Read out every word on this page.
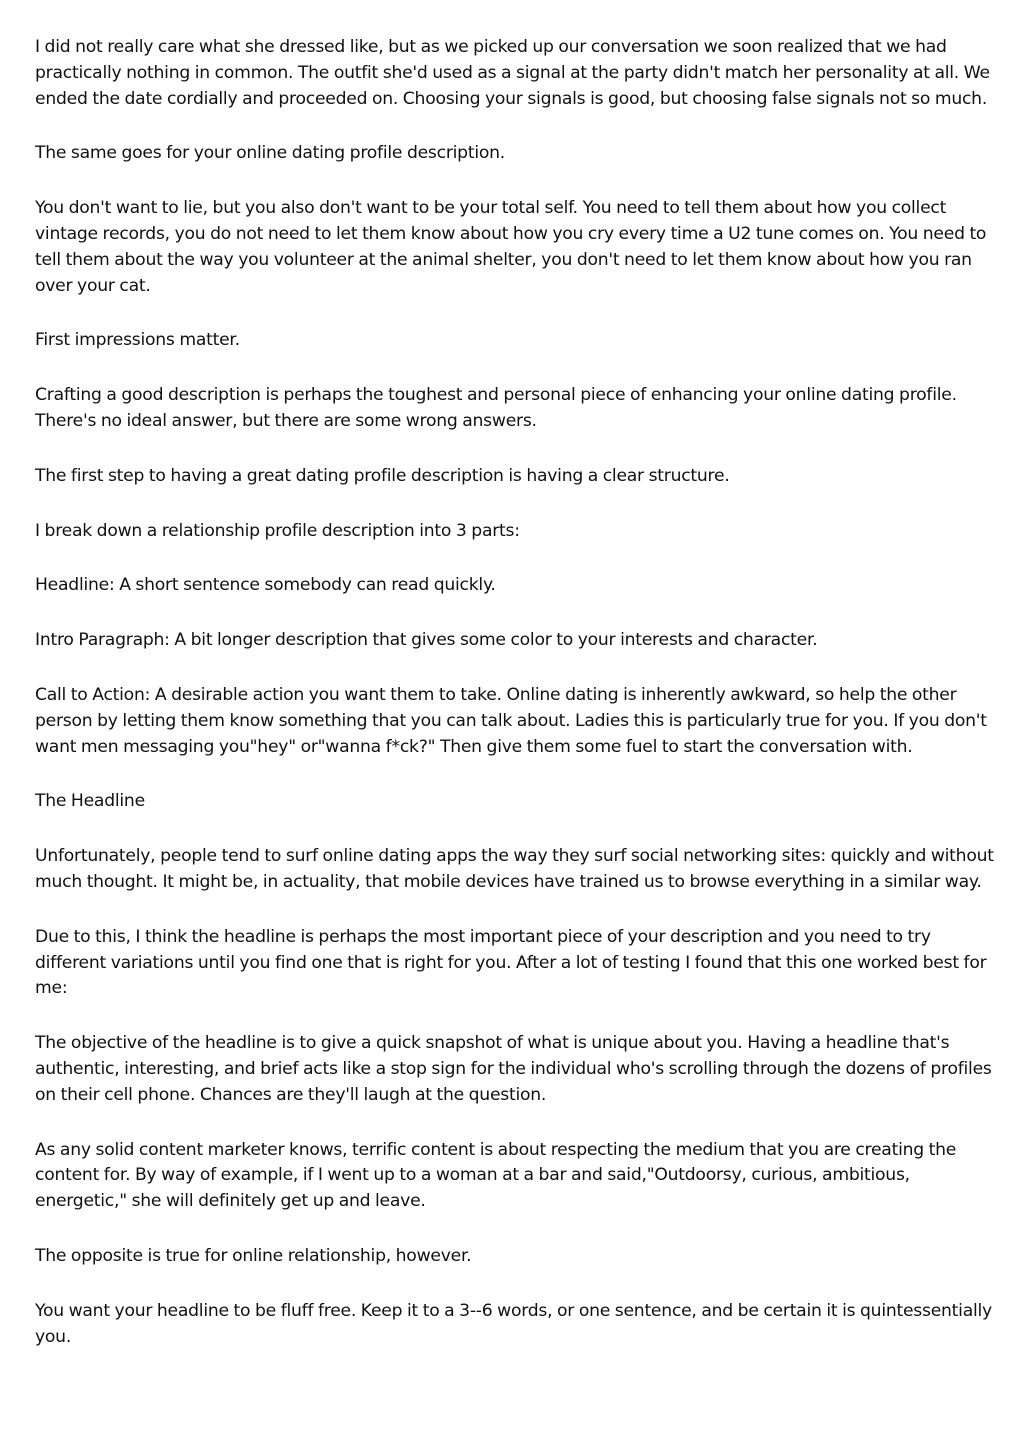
I did not really care what she dressed like, but as we picked up our conversation we soon realized that we had practically nothing in common. The outfit she'd used as a signal at the party didn't match her personality at all. We ended the date cordially and proceeded on. Choosing your signals is good, but choosing false signals not so much.

The same goes for your online dating profile description.

You don't want to lie, but you also don't want to be your total self. You need to tell them about how you collect vintage records, you do not need to let them know about how you cry every time a U2 tune comes on. You need to tell them about the way you volunteer at the animal shelter, you don't need to let them know about how you ran over your cat.

First impressions matter.

Crafting a good description is perhaps the toughest and personal piece of enhancing your online dating profile. There's no ideal answer, but there are some wrong answers.

The first step to having a great dating profile description is having a clear structure.

I break down a relationship profile description into 3 parts:

Headline: A short sentence somebody can read quickly.

Intro Paragraph: A bit longer description that gives some color to your interests and character.

Call to Action: A desirable action you want them to take. Online dating is inherently awkward, so help the other person by letting them know something that you can talk about. Ladies this is particularly true for you. If you don't want men messaging you"hey" or"wanna f*ck?" Then give them some fuel to start the conversation with.

The Headline

Unfortunately, people tend to surf online dating apps the way they surf social networking sites: quickly and without much thought. It might be, in actuality, that mobile devices have trained us to browse everything in a similar way.

Due to this, I think the headline is perhaps the most important piece of your description and you need to try different variations until you find one that is right for you. After a lot of testing I found that this one worked best for me:

The objective of the headline is to give a quick snapshot of what is unique about you. Having a headline that's authentic, interesting, and brief acts like a stop sign for the individual who's scrolling through the dozens of profiles on their cell phone. Chances are they'll laugh at the question.

As any solid content marketer knows, terrific content is about respecting the medium that you are creating the content for. By way of example, if I went up to a woman at a bar and said,"Outdoorsy, curious, ambitious, energetic," she will definitely get up and leave.

The opposite is true for online relationship, however.

You want your headline to be fluff free. Keep it to a 3--6 words, or one sentence, and be certain it is quintessentially you.
